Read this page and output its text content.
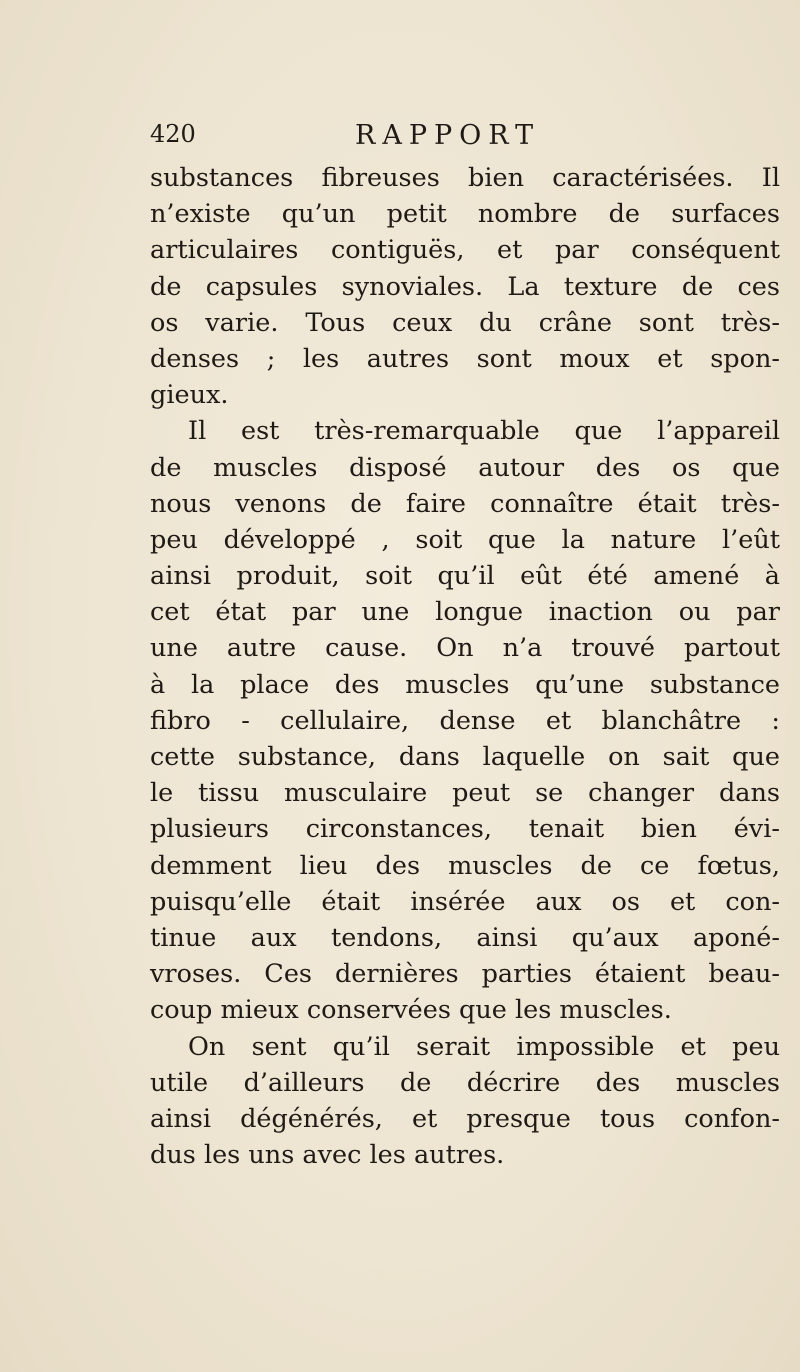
420	RAPPORT
substances fibreuses bien caractérisées. Il
n’existe qu’un petit nombre de surfaces
articulaires contiguës, et par conséquent
de capsules synoviales. La texture de ces
os varie. Tous ceux du crâne sont très-
denses ; les autres sont moux et spon-
gieux.
Il est très-remarquable que l’appareil
de muscles disposé autour des os que
nous venons de faire connaître était très-
peu développé , soit que la nature l’eût
ainsi produit, soit qu’il eût été amené à
cet état par une longue inaction ou par
une autre cause. On n’a trouvé partout
à la place des muscles qu’une substance
fibro - cellulaire, dense et blanchâtre :
cette substance, dans laquelle on sait que
le tissu musculaire peut se changer dans
plusieurs circonstances, tenait bien évi-
demment lieu des muscles de ce fœtus,
puisqu’elle était insérée aux os et con-
tinue aux tendons, ainsi qu’aux aponé-
vroses. Ces dernières parties étaient beau-
coup mieux conservées que les muscles.
On sent qu’il serait impossible et peu
utile d’ailleurs de décrire des muscles
ainsi dégénérés, et presque tous confon-
dus les uns avec les autres.
